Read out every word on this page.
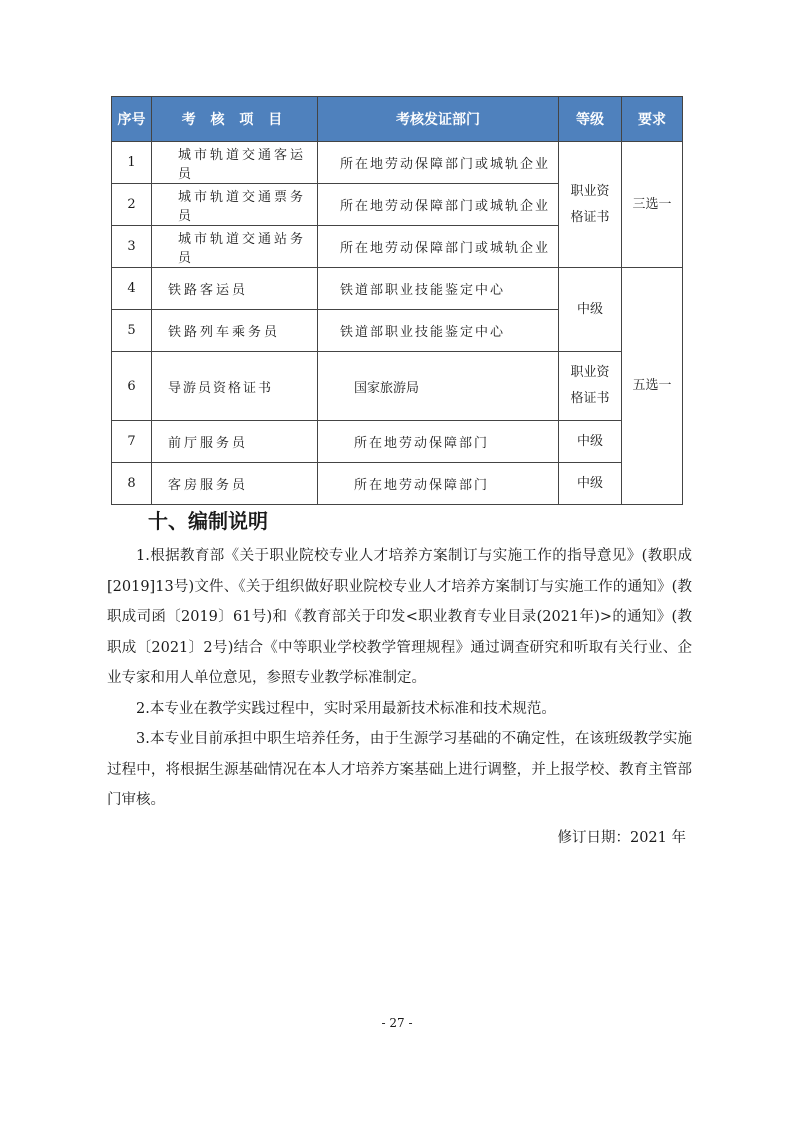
序号	考 核 项 目	考核发证部门	等级	要求	
1	城市轨道交通客运员	所在地劳动保障部门或城轨企业	职业资
格证书	三选一	
2	城市轨道交通票务员	所在地劳动保障部门或城轨企业			
3	城市轨道交通站务员	所在地劳动保障部门或城轨企业			
4	铁路客运员	铁道部职业技能鉴定中心	中级	五选一	
5	铁路列车乘务员	铁道部职业技能鉴定中心			
6	导游员资格证书	国家旅游局	职业资
格证书		
7	前厅服务员	所在地劳动保障部门	中级		
8	客房服务员	所在地劳动保障部门	中级		
十、编制说明

1.根据教育部《关于职业院校专业人才培养方案制订与实施工作的指导意见》(教职成[2019]13号)文件、《关于组织做好职业院校专业人才培养方案制订与实施工作的通知》(教职成司函〔2019〕61号)和《教育部关于印发<职业教育专业目录(2021年)>的通知》(教职成〔2021〕2号)结合《中等职业学校教学管理规程》通过调查研究和听取有关行业、企业专家和用人单位意见，参照专业教学标准制定。

2.本专业在教学实践过程中，实时采用最新技术标准和技术规范。

3.本专业目前承担中职生培养任务，由于生源学习基础的不确定性，在该班级教学实施过程中，将根据生源基础情况在本人才培养方案基础上进行调整，并上报学校、教育主管部门审核。

修订日期：2021 年
- 27 -
